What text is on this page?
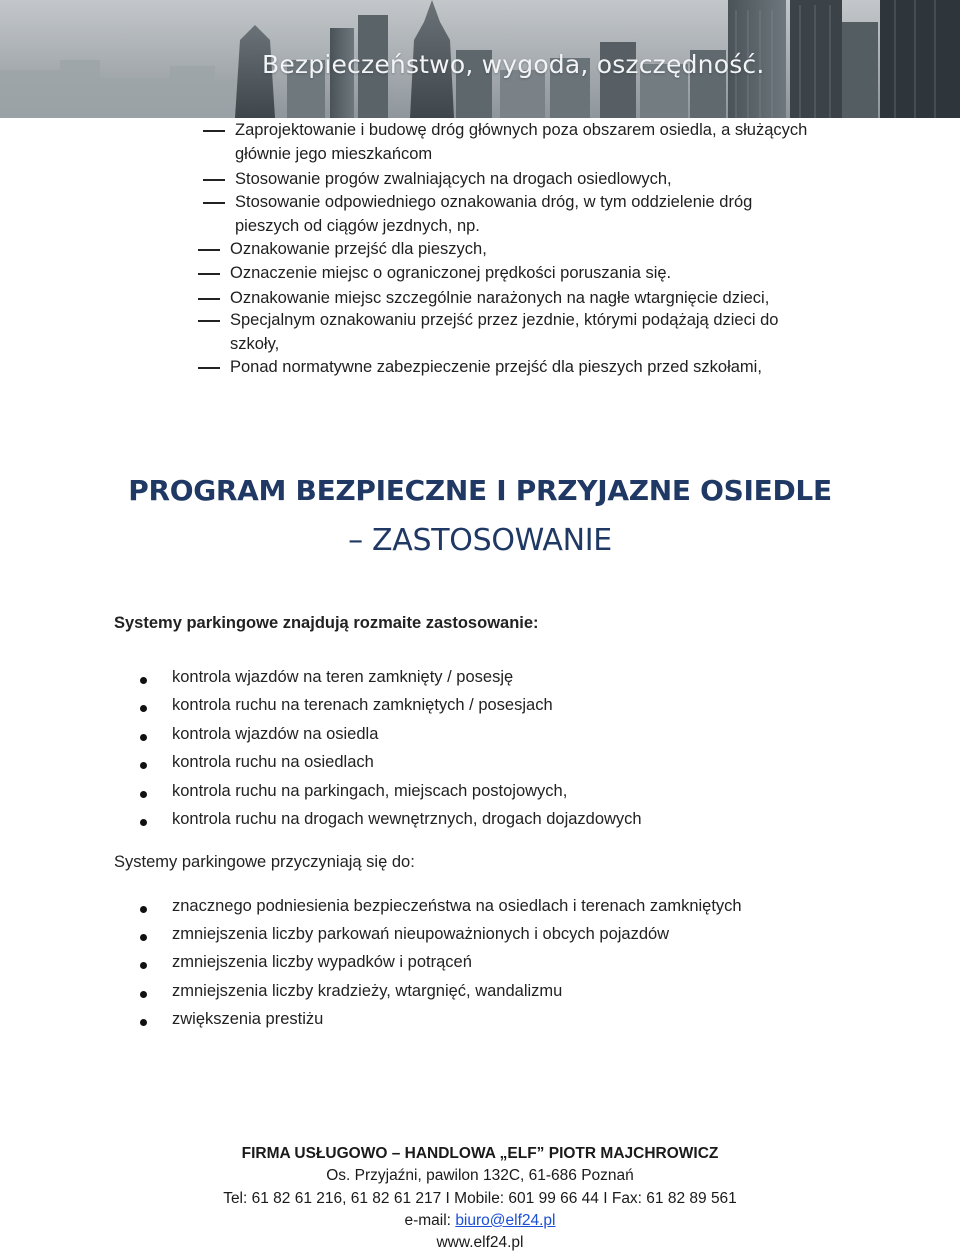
Bezpieczeństwo, wygoda, oszczędność.
Zaprojektowanie i budowę dróg głównych poza obszarem osiedla, a służących głównie jego mieszkańcom
Stosowanie progów zwalniających na drogach osiedlowych,
Stosowanie odpowiedniego oznakowania dróg, w tym oddzielenie dróg pieszych od ciągów jezdnych, np.
Oznakowanie przejść dla pieszych,
Oznaczenie miejsc o ograniczonej prędkości poruszania się.
Oznakowanie miejsc szczególnie narażonych na nagłe wtargnięcie dzieci,
Specjalnym oznakowaniu przejść przez jezdnie, którymi podążają dzieci do szkoły,
Ponad normatywne zabezpieczenie przejść dla pieszych przed szkołami,
PROGRAM BEZPIECZNE I PRZYJAZNE OSIEDLE
– ZASTOSOWANIE
Systemy parkingowe znajdują rozmaite zastosowanie:
kontrola wjazdów na teren zamknięty / posesję
kontrola ruchu na terenach zamkniętych / posesjach
kontrola wjazdów na osiedla
kontrola ruchu na osiedlach
kontrola ruchu na parkingach, miejscach postojowych,
kontrola ruchu na drogach wewnętrznych, drogach dojazdowych
Systemy parkingowe przyczyniają się do:
znacznego podniesienia bezpieczeństwa na osiedlach i terenach zamkniętych
zmniejszenia liczby parkowań nieupoważnionych i obcych pojazdów
zmniejszenia liczby wypadków i potrąceń
zmniejszenia liczby kradzieży, wtargnięć, wandalizmu
zwiększenia prestiżu
FIRMA USŁUGOWO – HANDLOWA „ELF” PIOTR MAJCHROWICZ
Os. Przyjaźni, pawilon 132C, 61-686 Poznań
Tel: 61 82 61 216, 61 82 61 217 I Mobile: 601 99 66 44 I Fax: 61 82 89 561
e-mail: biuro@elf24.pl
www.elf24.pl
